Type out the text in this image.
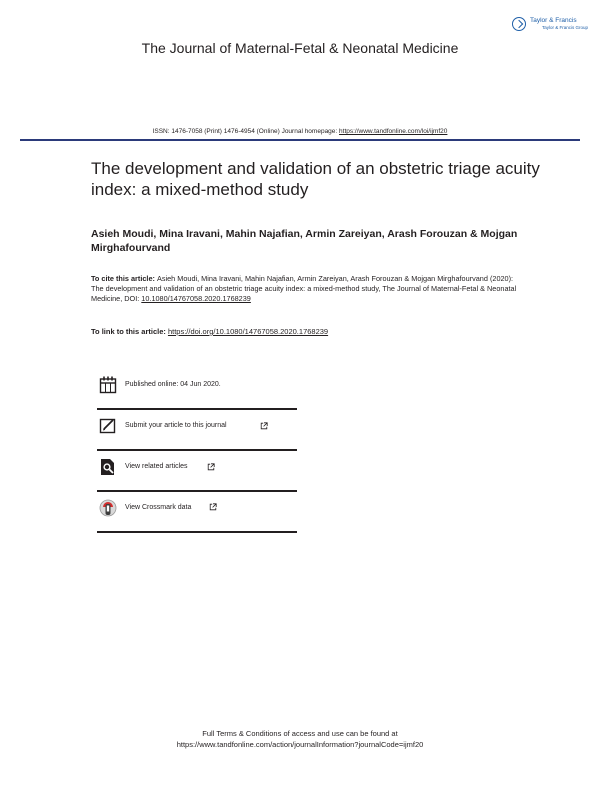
Taylor & Francis
Taylor & Francis Group
The Journal of Maternal-Fetal & Neonatal Medicine
ISSN: 1476-7058 (Print) 1476-4954 (Online) Journal homepage: https://www.tandfonline.com/loi/ijmf20
The development and validation of an obstetric triage acuity index: a mixed-method study
Asieh Moudi, Mina Iravani, Mahin Najafian, Armin Zareiyan, Arash Forouzan & Mojgan Mirghafourvand
To cite this article: Asieh Moudi, Mina Iravani, Mahin Najafian, Armin Zareiyan, Arash Forouzan & Mojgan Mirghafourvand (2020): The development and validation of an obstetric triage acuity index: a mixed-method study, The Journal of Maternal-Fetal & Neonatal Medicine, DOI: 10.1080/14767058.2020.1768239
To link to this article: https://doi.org/10.1080/14767058.2020.1768239
Published online: 04 Jun 2020.
Submit your article to this journal
View related articles
View Crossmark data
Full Terms & Conditions of access and use can be found at
https://www.tandfonline.com/action/journalInformation?journalCode=ijmf20
